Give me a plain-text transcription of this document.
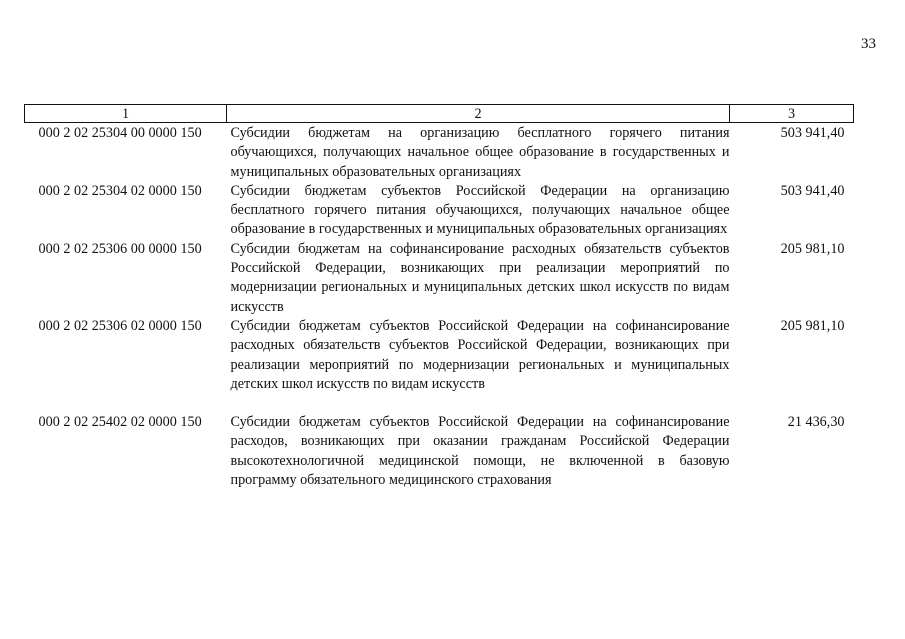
33
1	2	3
000 2 02 25304 00 0000 150	Субсидии бюджетам на организацию бесплатного горячего питания обучающихся, получающих начальное общее образование в государственных и муниципальных образовательных организациях	503 941,40
000 2 02 25304 02 0000 150	Субсидии бюджетам субъектов Российской Федерации на организацию бесплатного горячего питания обучающихся, получающих начальное общее образование в государственных и муниципальных образовательных организациях	503 941,40
000 2 02 25306 00 0000 150	Субсидии бюджетам на софинансирование расходных обязательств субъектов Российской Федерации, возникающих при реализации мероприятий по модернизации региональных и муниципальных детских школ искусств по видам искусств	205 981,10
000 2 02 25306 02 0000 150	Субсидии бюджетам субъектов Российской Федерации на софинансирование расходных обязательств субъектов Российской Федерации, возникающих при реализации мероприятий по модернизации региональных и муниципальных детских школ искусств по видам искусств	205 981,10
000 2 02 25402 02 0000 150	Субсидии бюджетам субъектов Российской Федерации на софинансирование расходов, возникающих при оказании гражданам Российской Федерации высокотехнологичной медицинской помощи, не включенной в базовую программу обязательного медицинского страхования	21 436,30
